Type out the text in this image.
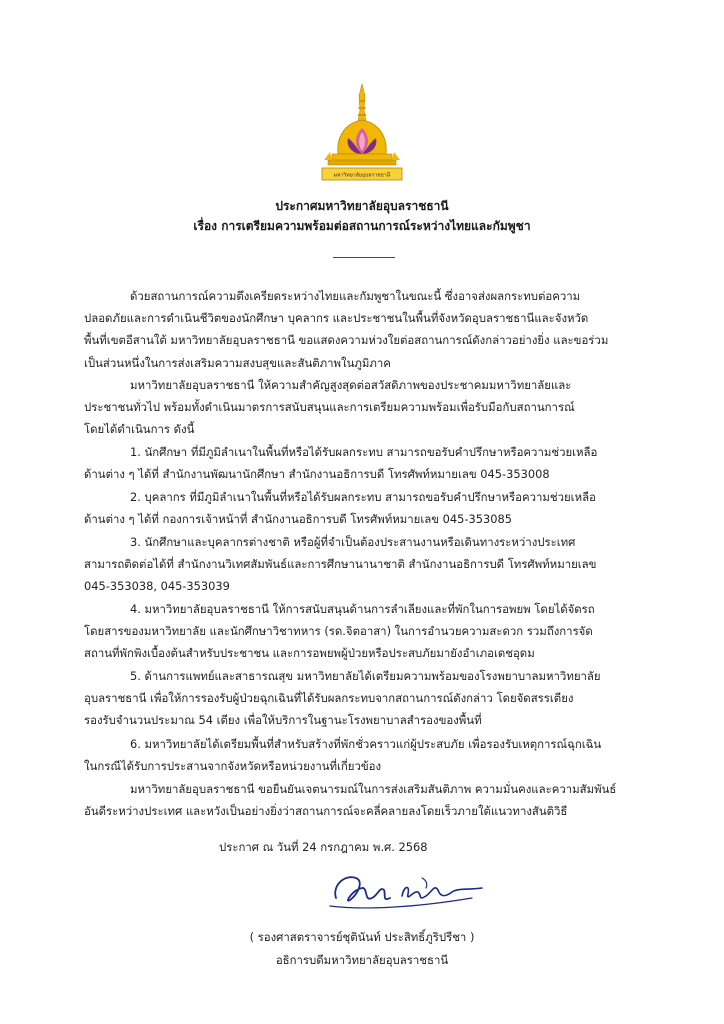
มหาวิทยาลัยอุบลราชธานี
ประกาศมหาวิทยาลัยอุบลราชธานี
เรื่อง การเตรียมความพร้อมต่อสถานการณ์ระหว่างไทยและกัมพูชา
ด้วยสถานการณ์ความตึงเครียดระหว่างไทยและกัมพูชาในขณะนี้ ซึ่งอาจส่งผลกระทบต่อความ
ปลอดภัยและการดำเนินชีวิตของนักศึกษา บุคลากร และประชาชนในพื้นที่จังหวัดอุบลราชธานีและจังหวัด
พื้นที่เขตอีสานใต้ มหาวิทยาลัยอุบลราชธานี ขอแสดงความห่วงใยต่อสถานการณ์ดังกล่าวอย่างยิ่ง และขอร่วม
เป็นส่วนหนึ่งในการส่งเสริมความสงบสุขและสันติภาพในภูมิภาค
มหาวิทยาลัยอุบลราชธานี ให้ความสำคัญสูงสุดต่อสวัสดิภาพของประชาคมมหาวิทยาลัยและ
ประชาชนทั่วไป พร้อมทั้งดำเนินมาตรการสนับสนุนและการเตรียมความพร้อมเพื่อรับมือกับสถานการณ์
โดยได้ดำเนินการ ดังนี้
1. นักศึกษา ที่มีภูมิลำเนาในพื้นที่หรือได้รับผลกระทบ สามารถขอรับคำปรึกษาหรือความช่วยเหลือ
ด้านต่าง ๆ ได้ที่ สำนักงานพัฒนานักศึกษา สำนักงานอธิการบดี โทรศัพท์หมายเลข 045-353008
2. บุคลากร ที่มีภูมิลำเนาในพื้นที่หรือได้รับผลกระทบ สามารถขอรับคำปรึกษาหรือความช่วยเหลือ
ด้านต่าง ๆ ได้ที่ กองการเจ้าหน้าที่ สำนักงานอธิการบดี โทรศัพท์หมายเลข 045-353085
3. นักศึกษาและบุคลากรต่างชาติ หรือผู้ที่จำเป็นต้องประสานงานหรือเดินทางระหว่างประเทศ
สามารถติดต่อได้ที่ สำนักงานวิเทศสัมพันธ์และการศึกษานานาชาติ สำนักงานอธิการบดี โทรศัพท์หมายเลข
045-353038, 045-353039
4. มหาวิทยาลัยอุบลราชธานี ให้การสนับสนุนด้านการลำเลียงและที่พักในการอพยพ โดยได้จัดรถ
โดยสารของมหาวิทยาลัย และนักศึกษาวิชาทหาร (รด.จิตอาสา) ในการอำนวยความสะดวก รวมถึงการจัด
สถานที่พักพิงเบื้องต้นสำหรับประชาชน และการอพยพผู้ป่วยหรือประสบภัยมายังอำเภอเดชอุดม
5. ด้านการแพทย์และสาธารณสุข มหาวิทยาลัยได้เตรียมความพร้อมของโรงพยาบาลมหาวิทยาลัย
อุบลราชธานี เพื่อให้การรองรับผู้ป่วยฉุกเฉินที่ได้รับผลกระทบจากสถานการณ์ดังกล่าว โดยจัดสรรเตียง
รองรับจำนวนประมาณ 54 เตียง เพื่อให้บริการในฐานะโรงพยาบาลสำรองของพื้นที่
6. มหาวิทยาลัยได้เตรียมพื้นที่สำหรับสร้างที่พักชั่วคราวแก่ผู้ประสบภัย เพื่อรองรับเหตุการณ์ฉุกเฉิน
ในกรณีได้รับการประสานจากจังหวัดหรือหน่วยงานที่เกี่ยวข้อง
มหาวิทยาลัยอุบลราชธานี ขอยืนยันเจตนารมณ์ในการส่งเสริมสันติภาพ ความมั่นคงและความสัมพันธ์
อันดีระหว่างประเทศ และหวังเป็นอย่างยิ่งว่าสถานการณ์จะคลี่คลายลงโดยเร็วภายใต้แนวทางสันติวิธี
ประกาศ ณ วันที่ 24 กรกฎาคม พ.ศ. 2568
( รองศาสตราจารย์ชุตินันท์ ประสิทธิ์ภูริปรีชา )
อธิการบดีมหาวิทยาลัยอุบลราชธานี
